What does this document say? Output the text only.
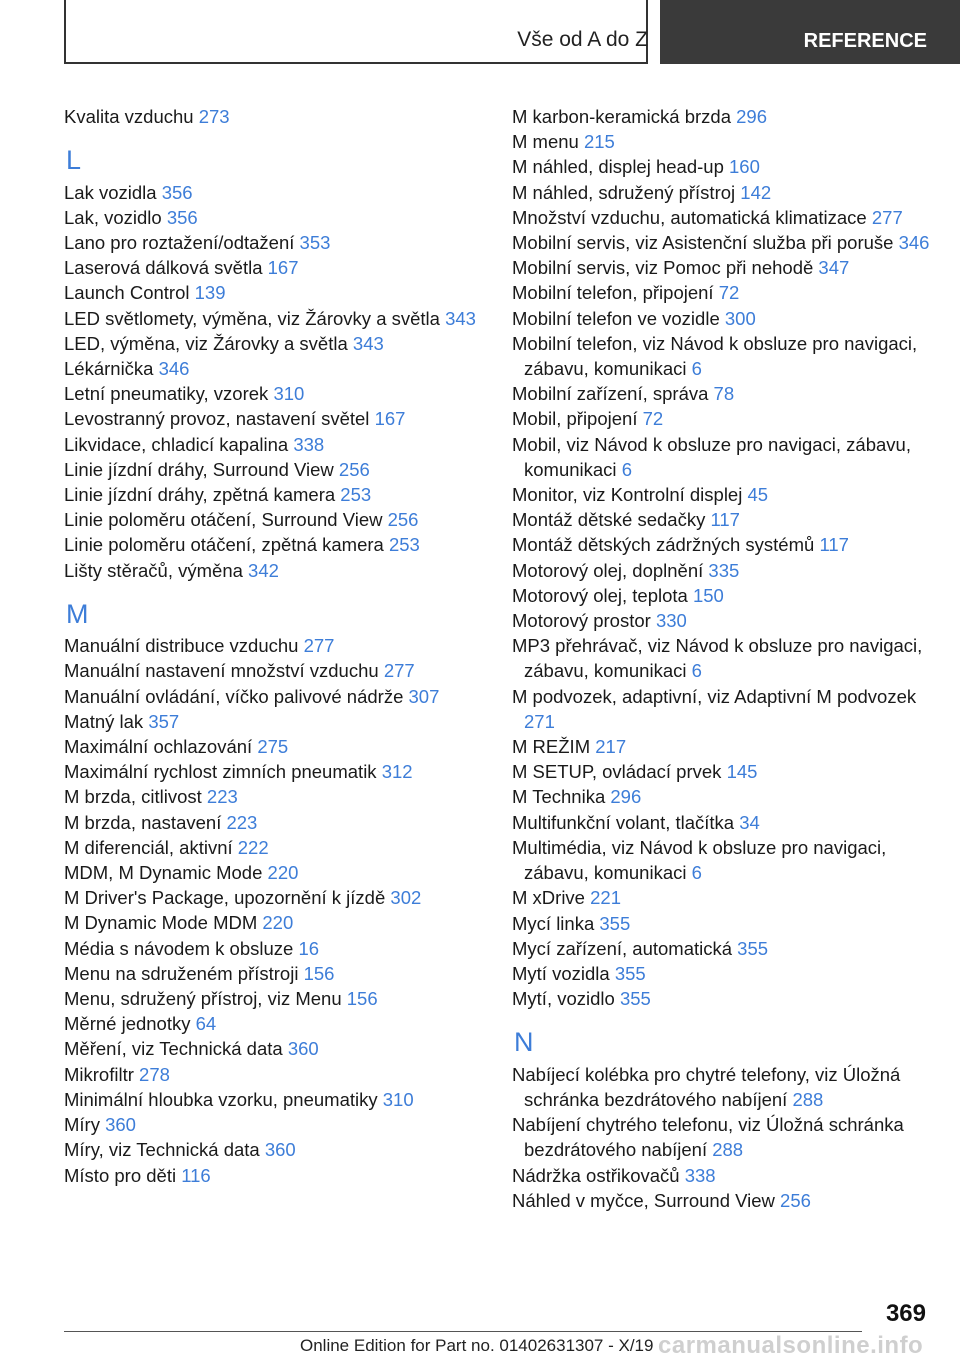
Vše od A do Z	REFERENCE
Kvalita vzduchu 273
L
Lak vozidla 356
Lak, vozidlo 356
Lano pro roztažení/odtažení 353
Laserová dálková světla 167
Launch Control 139
LED světlomety, výměna, viz Žárovky a světla 343
LED, výměna, viz Žárovky a světla 343
Lékárnička 346
Letní pneumatiky, vzorek 310
Levostranný provoz, nastavení světel 167
Likvidace, chladicí kapalina 338
Linie jízdní dráhy, Surround View 256
Linie jízdní dráhy, zpětná kamera 253
Linie poloměru otáčení, Surround View 256
Linie poloměru otáčení, zpětná kamera 253
Lišty stěračů, výměna 342
M
Manuální distribuce vzduchu 277
Manuální nastavení množství vzduchu 277
Manuální ovládání, víčko palivové nádrže 307
Matný lak 357
Maximální ochlazování 275
Maximální rychlost zimních pneumatik 312
M brzda, citlivost 223
M brzda, nastavení 223
M diferenciál, aktivní 222
MDM, M Dynamic Mode 220
M Driver's Package, upozornění k jízdě 302
M Dynamic Mode MDM 220
Média s návodem k obsluze 16
Menu na sdruženém přístroji 156
Menu, sdružený přístroj, viz Menu 156
Měrné jednotky 64
Měření, viz Technická data 360
Mikrofiltr 278
Minimální hloubka vzorku, pneumatiky 310
Míry 360
Míry, viz Technická data 360
Místo pro děti 116
M karbon-keramická brzda 296
M menu 215
M náhled, displej head-up 160
M náhled, sdružený přístroj 142
Množství vzduchu, automatická klimatizace 277
Mobilní servis, viz Asistenční služba při poruše 346
Mobilní servis, viz Pomoc při nehodě 347
Mobilní telefon, připojení 72
Mobilní telefon ve vozidle 300
Mobilní telefon, viz Návod k obsluze pro navigaci, zábavu, komunikaci 6
Mobilní zařízení, správa 78
Mobil, připojení 72
Mobil, viz Návod k obsluze pro navigaci, zábavu, komunikaci 6
Monitor, viz Kontrolní displej 45
Montáž dětské sedačky 117
Montáž dětských zádržných systémů 117
Motorový olej, doplnění 335
Motorový olej, teplota 150
Motorový prostor 330
MP3 přehrávač, viz Návod k obsluze pro navigaci, zábavu, komunikaci 6
M podvozek, adaptivní, viz Adaptivní M podvozek 271
M REŽIM 217
M SETUP, ovládací prvek 145
M Technika 296
Multifunkční volant, tlačítka 34
Multimédia, viz Návod k obsluze pro navigaci, zábavu, komunikaci 6
M xDrive 221
Mycí linka 355
Mycí zařízení, automatická 355
Mytí vozidla 355
Mytí, vozidlo 355
N
Nabíjecí kolébka pro chytré telefony, viz Úložná schránka bezdrátového nabíjení 288
Nabíjení chytrého telefonu, viz Úložná schránka bezdrátového nabíjení 288
Nádržka ostřikovačů 338
Náhled v myčce, Surround View 256
369
Online Edition for Part no. 01402631307 - X/19 carmanualsonline.info
